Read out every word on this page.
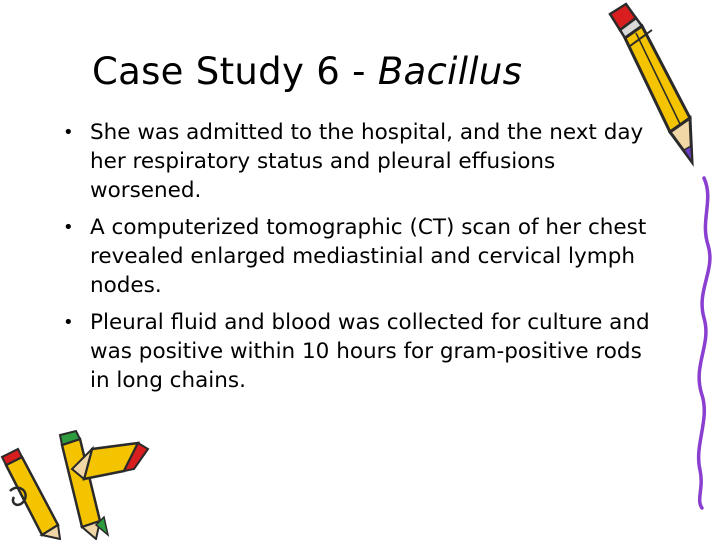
Case Study 6 - Bacillus
• She was admitted to the hospital, and the next day her respiratory status and pleural effusions worsened.
• A computerized tomographic (CT) scan of her chest revealed enlarged mediastinial and cervical lymph nodes.
• Pleural fluid and blood was collected for culture and was positive within 10 hours for gram-positive rods in long chains.
